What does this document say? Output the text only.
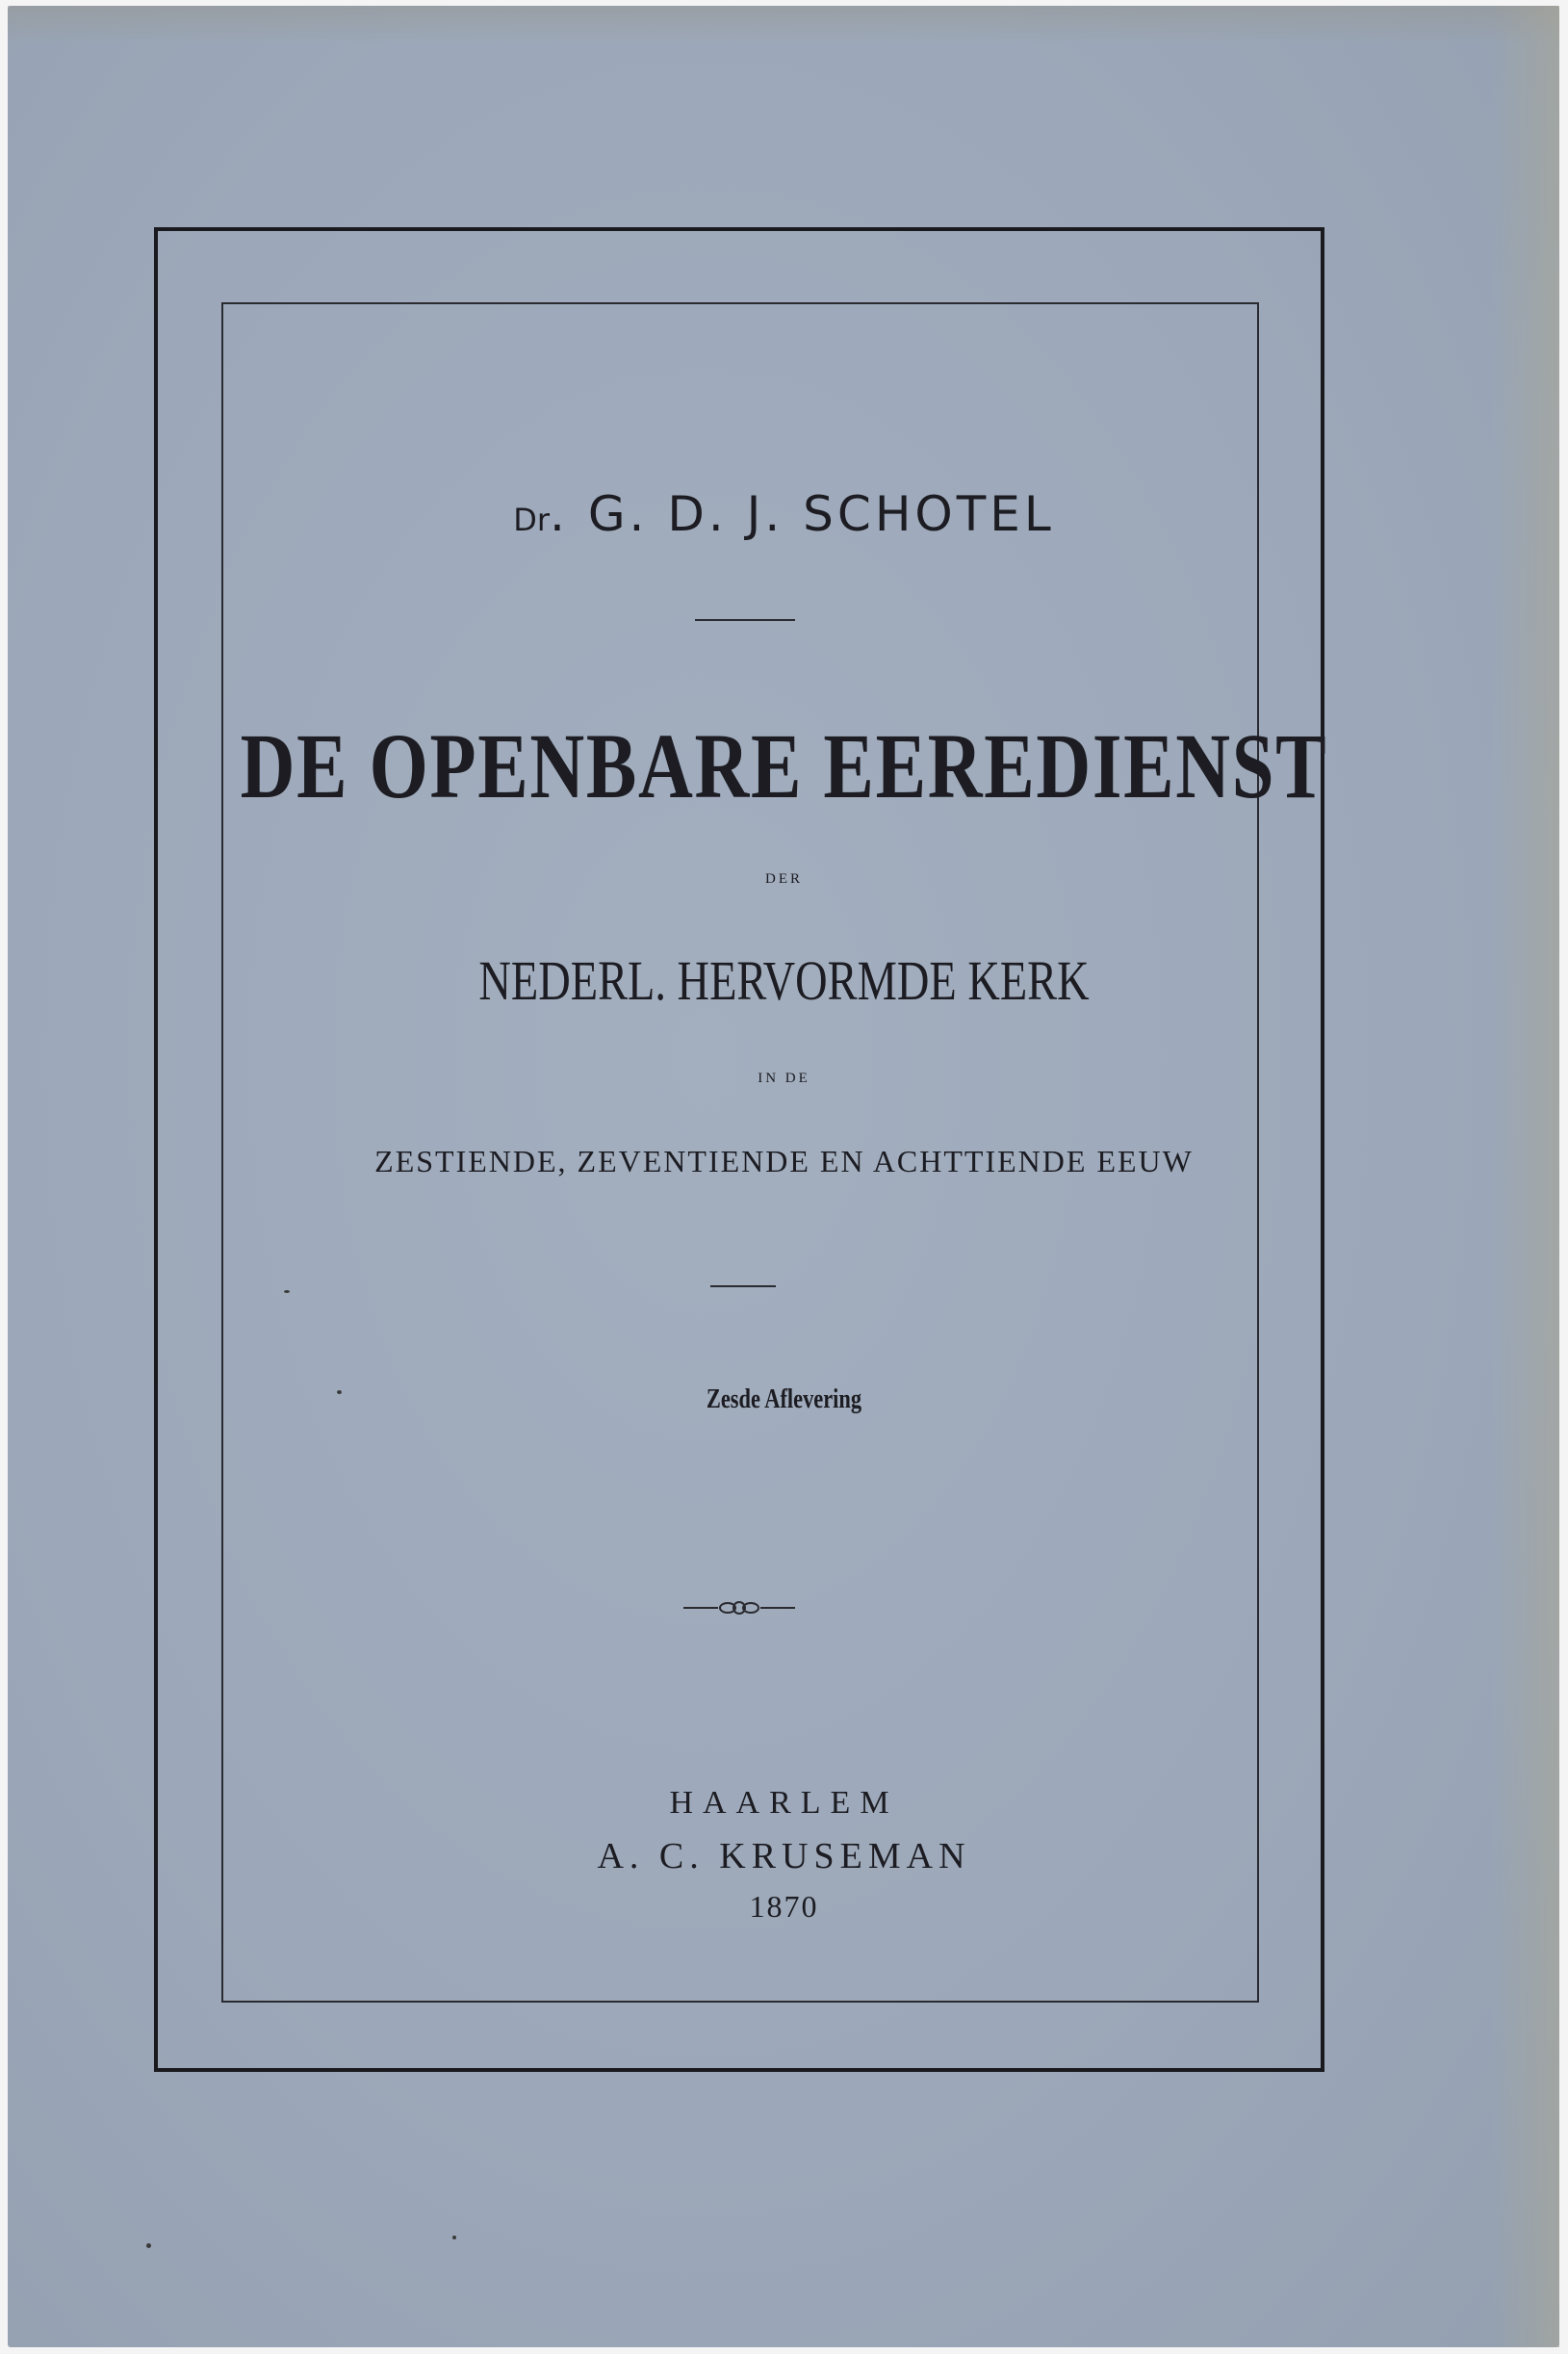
Dr. G. D. J. SCHOTEL
DE OPENBARE EEREDIENST
DER
NEDERL. HERVORMDE KERK
IN DE
ZESTIENDE, ZEVENTIENDE EN ACHTTIENDE EEUW
Zesde Aflevering
HAARLEM
A. C. KRUSEMAN
1870
